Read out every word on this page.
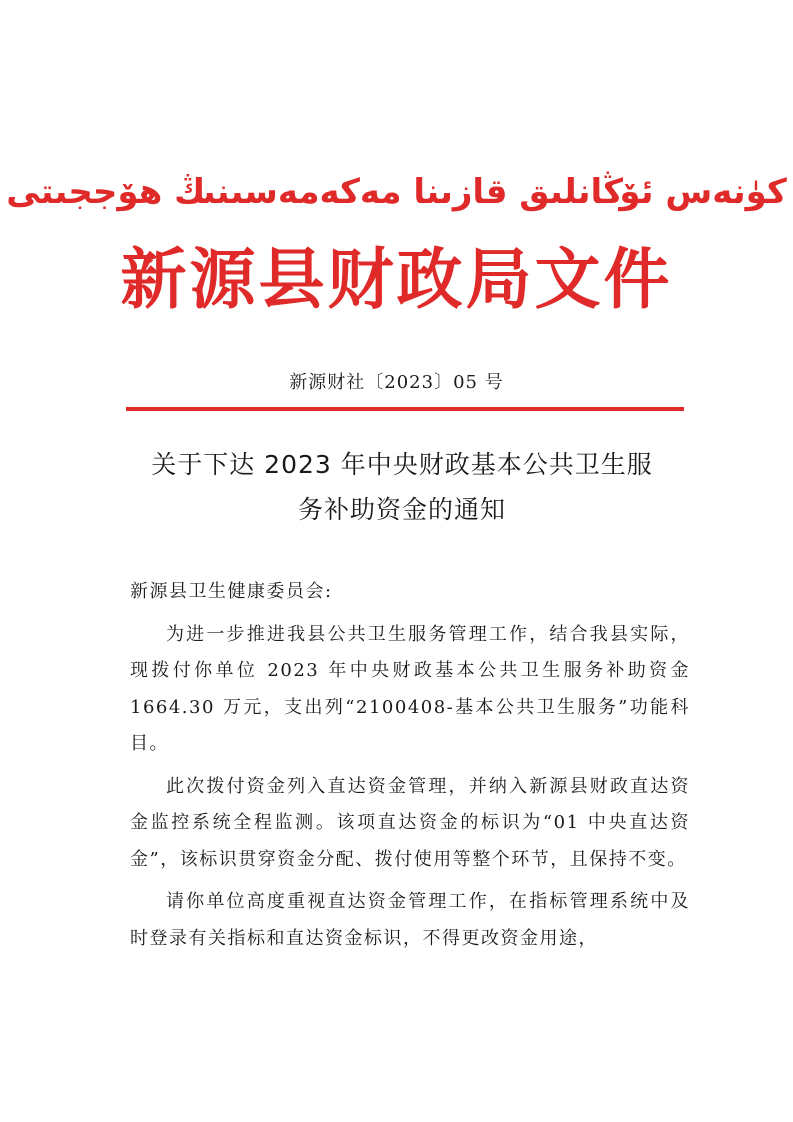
كۈنەس ئۆڭانلىق قازىنا مەكەمەسىنىڭ ھۆججىتى
新源县财政局文件
新源财社〔2023〕05 号
关于下达 2023 年中央财政基本公共卫生服
务补助资金的通知

新源县卫生健康委员会:

为进一步推进我县公共卫生服务管理工作，结合我县实际，现拨付你单位 2023 年中央财政基本公共卫生服务补助资金 1664.30 万元，支出列“2100408-基本公共卫生服务”功能科目。

此次拨付资金列入直达资金管理，并纳入新源县财政直达资金监控系统全程监测。该项直达资金的标识为“01 中央直达资金”，该标识贯穿资金分配、拨付使用等整个环节，且保持不变。

请你单位高度重视直达资金管理工作，在指标管理系统中及时登录有关指标和直达资金标识，不得更改资金用途，
